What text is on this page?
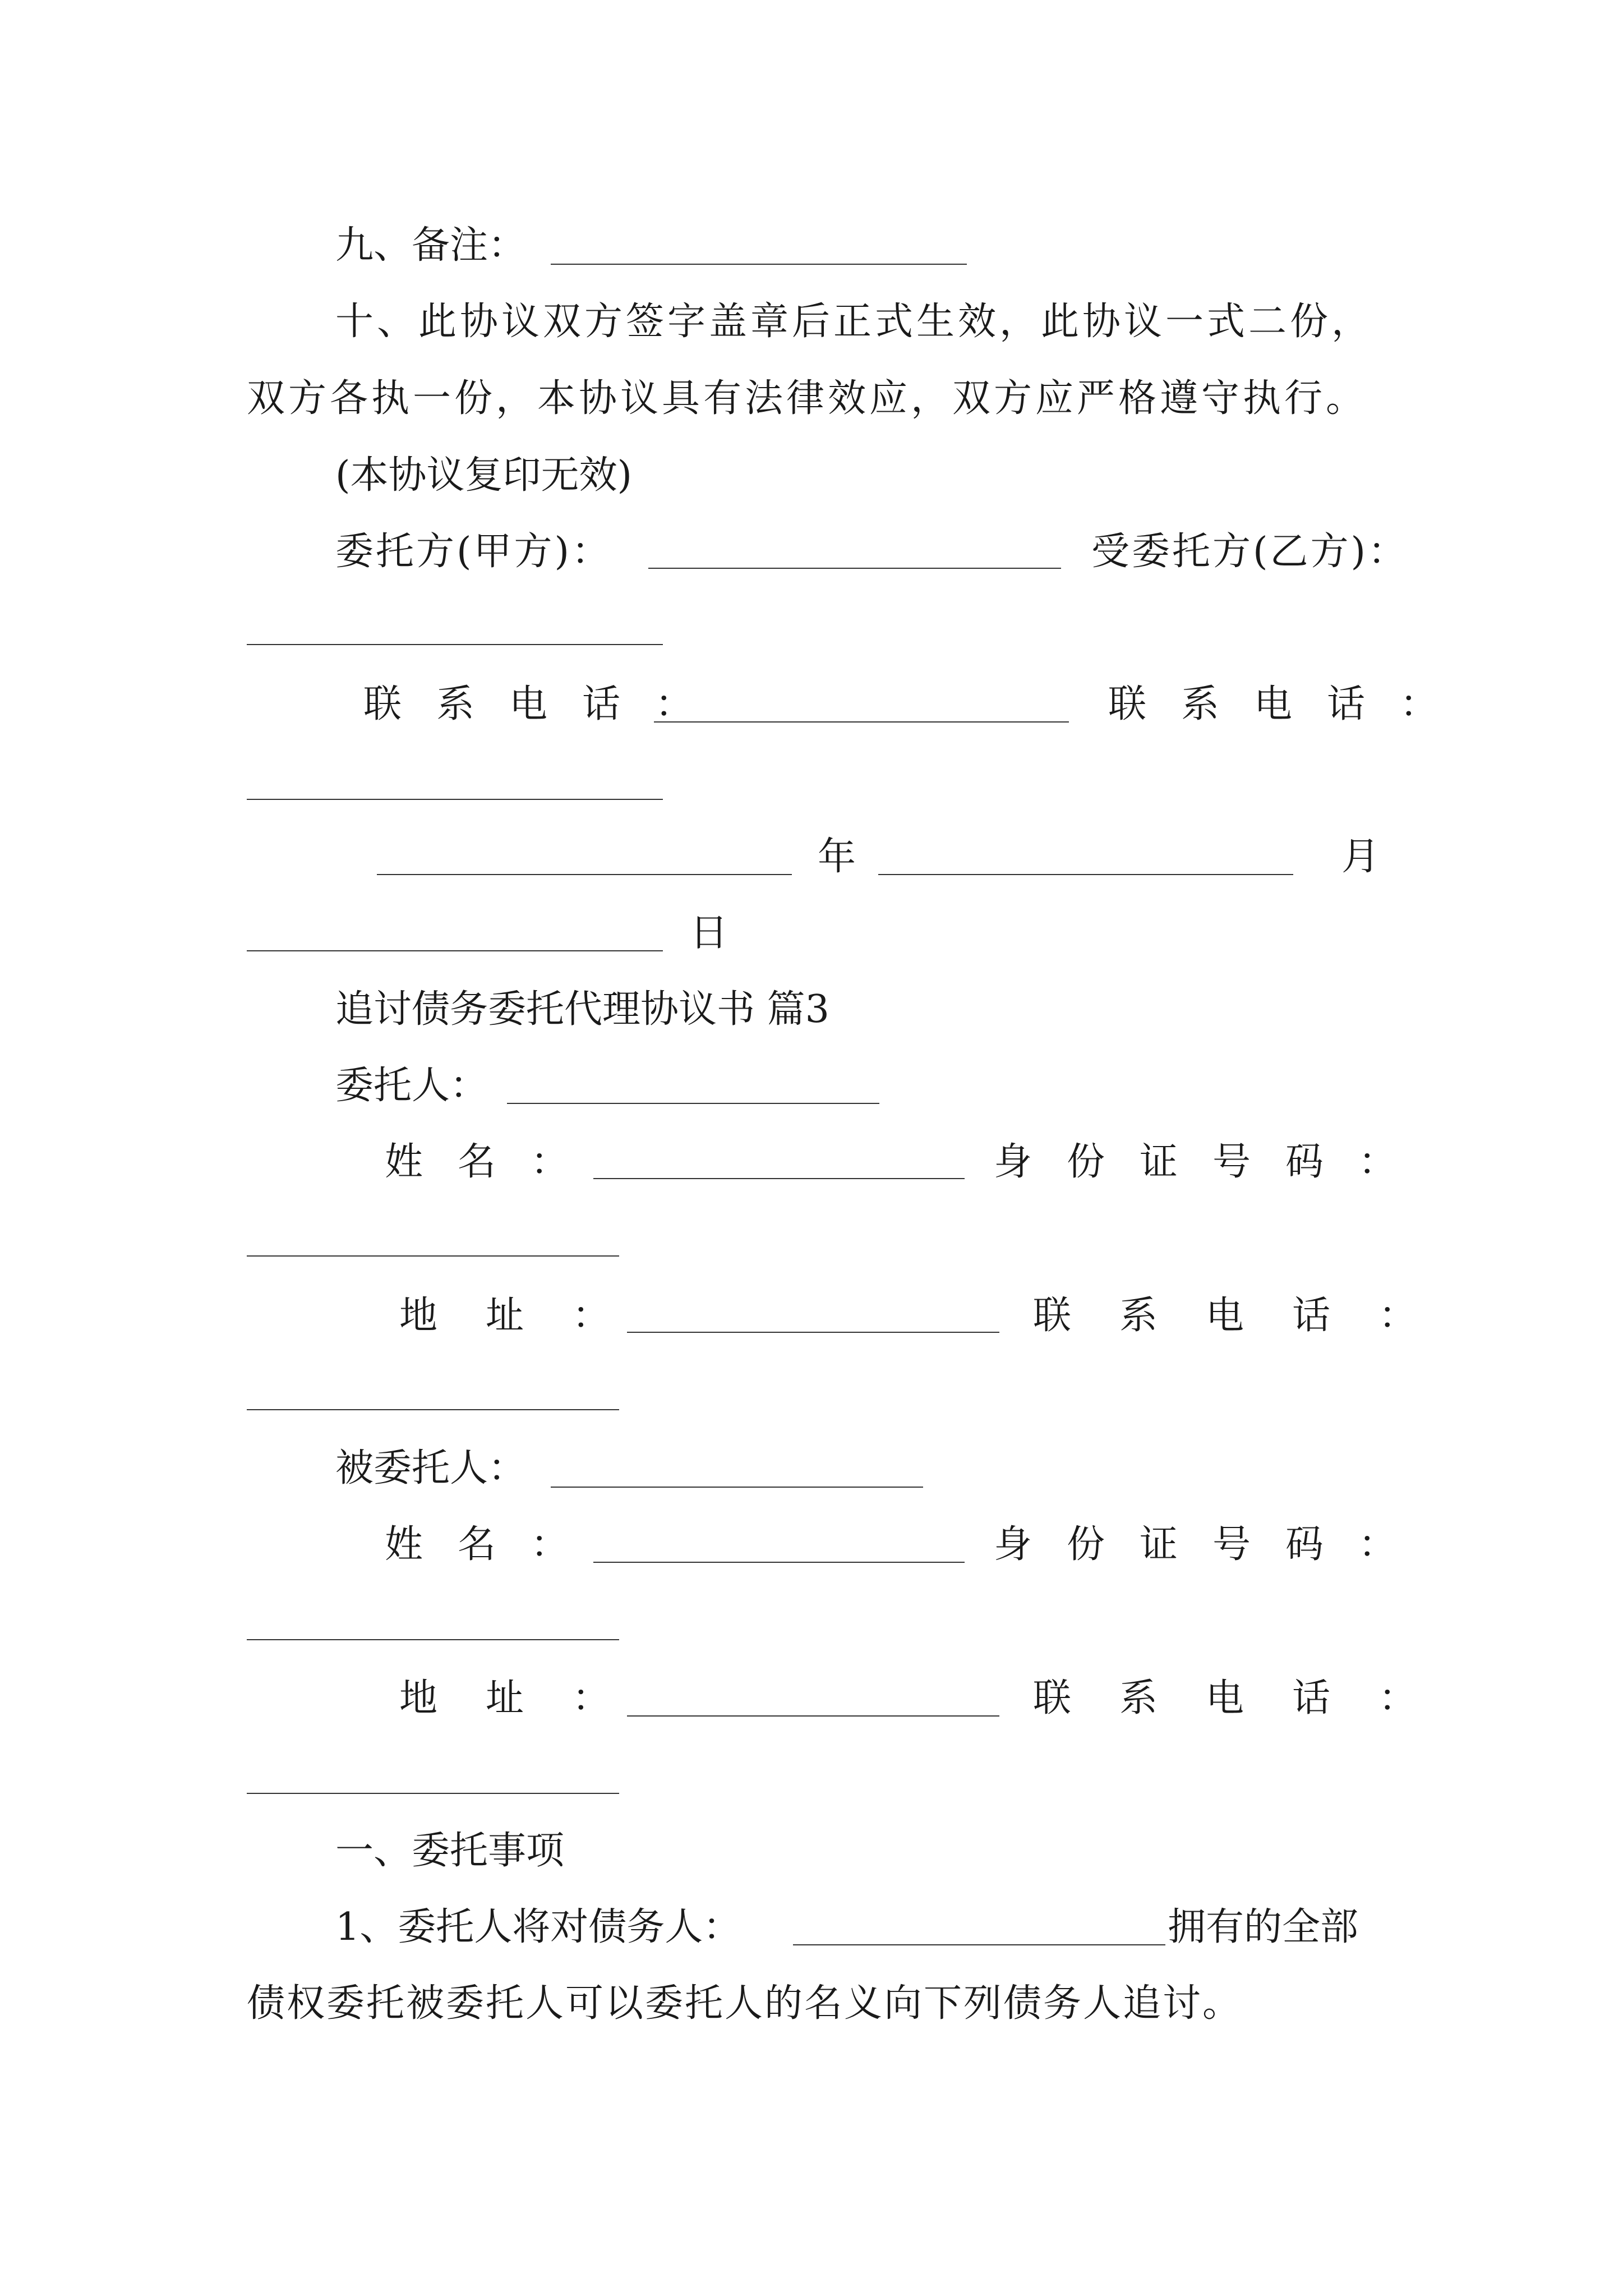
九、备注：
十、此协议双方签字盖章后正式生效，此协议一式二份，
双方各执一份，本协议具有法律效应，双方应严格遵守执行。
(本协议复印无效)
委托方(甲方)：	受委托方(乙方)：
联系电话：	联系电话：
年	月
日
追讨债务委托代理协议书 篇3
委托人：
姓名：	身份证号码：
地址：	联系电话：
被委托人：
姓名：	身份证号码：
地址：	联系电话：
一、委托事项
1、委托人将对债务人：	拥有的全部
债权委托被委托人可以委托人的名义向下列债务人追讨。
